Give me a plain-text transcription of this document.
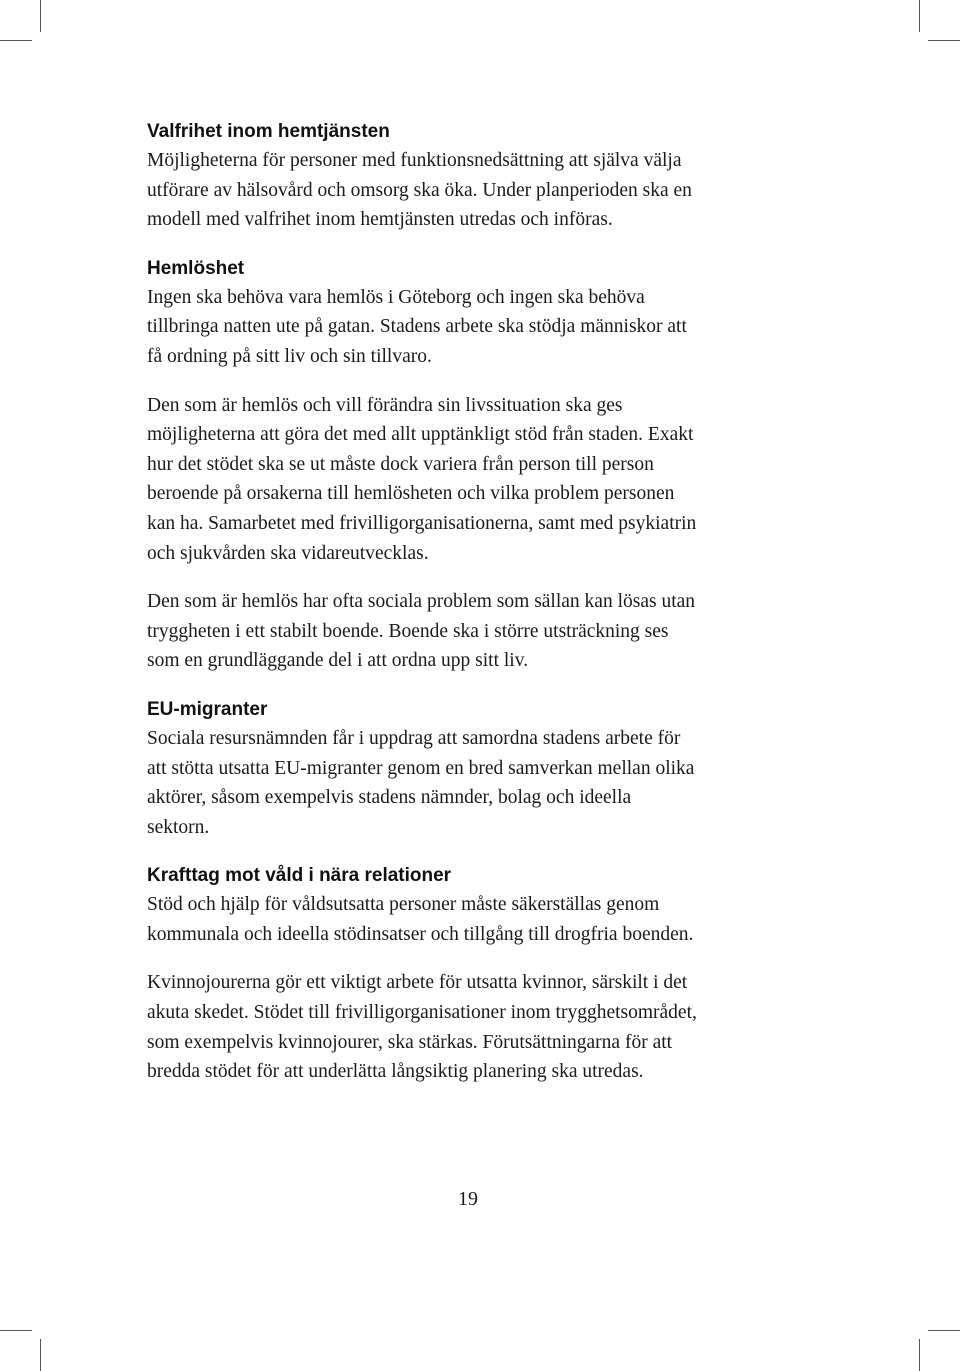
Valfrihet inom hemtjänsten

Möjligheterna för personer med funktionsnedsättning att själva välja
utförare av hälsovård och omsorg ska öka. Under planperioden ska en
modell med valfrihet inom hemtjänsten utredas och införas.

Hemlöshet

Ingen ska behöva vara hemlös i Göteborg och ingen ska behöva
tillbringa natten ute på gatan. Stadens arbete ska stödja människor att
få ordning på sitt liv och sin tillvaro.

Den som är hemlös och vill förändra sin livssituation ska ges
möjligheterna att göra det med allt upptänkligt stöd från staden. Exakt
hur det stödet ska se ut måste dock variera från person till person
beroende på orsakerna till hemlösheten och vilka problem personen
kan ha. Samarbetet med frivilligorganisationerna, samt med psykiatrin
och sjukvården ska vidareutvecklas.

Den som är hemlös har ofta sociala problem som sällan kan lösas utan
tryggheten i ett stabilt boende. Boende ska i större utsträckning ses
som en grundläggande del i att ordna upp sitt liv.

EU-migranter

Sociala resursnämnden får i uppdrag att samordna stadens arbete för
att stötta utsatta EU-migranter genom en bred samverkan mellan olika
aktörer, såsom exempelvis stadens nämnder, bolag och ideella
sektorn.

Krafttag mot våld i nära relationer

Stöd och hjälp för våldsutsatta personer måste säkerställas genom
kommunala och ideella stödinsatser och tillgång till drogfria boenden.

Kvinnojourerna gör ett viktigt arbete för utsatta kvinnor, särskilt i det
akuta skedet. Stödet till frivilligorganisationer inom trygghetsområdet,
som exempelvis kvinnojourer, ska stärkas. Förutsättningarna för att
bredda stödet för att underlätta långsiktig planering ska utredas.

19
